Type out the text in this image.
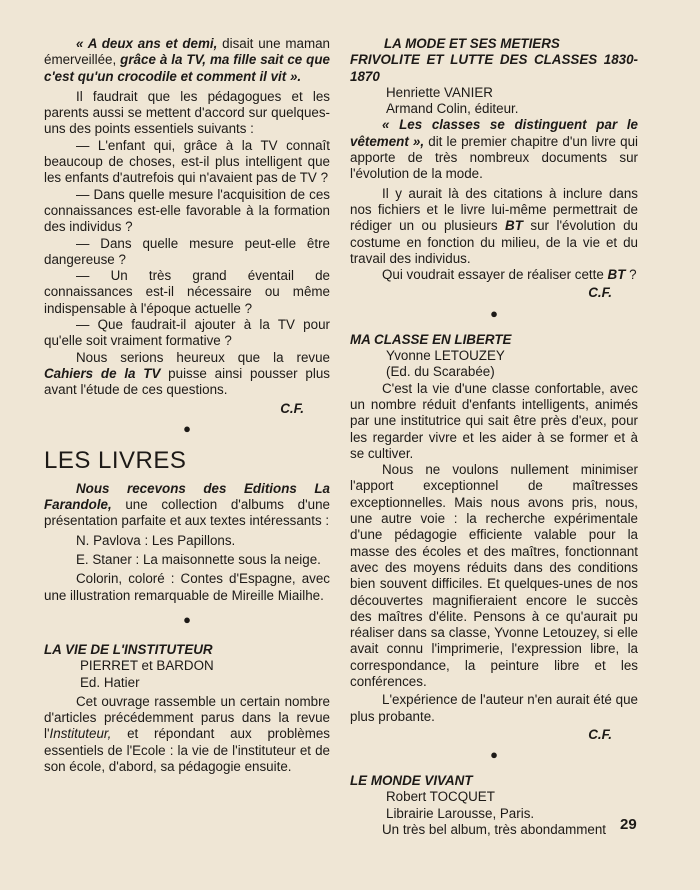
« A deux ans et demi, disait une maman émerveillée, grâce à la TV, ma fille sait ce que c'est qu'un crocodile et comment il vit ».

Il faudrait que les pédagogues et les parents aussi se mettent d'accord sur quelques-uns des points essentiels suivants :

— L'enfant qui, grâce à la TV connaît beaucoup de choses, est-il plus intelligent que les enfants d'autrefois qui n'avaient pas de TV ?

— Dans quelle mesure l'acquisition de ces connaissances est-elle favorable à la formation des individus ?

— Dans quelle mesure peut-elle être dangereuse ?

— Un très grand éventail de connaissances est-il nécessaire ou même indispensable à l'époque actuelle ?

— Que faudrait-il ajouter à la TV pour qu'elle soit vraiment formative ?

Nous serions heureux que la revue Cahiers de la TV puisse ainsi pousser plus avant l'étude de ces questions.

C.F.

●

LES LIVRES

Nous recevons des Editions La Farandole, une collection d'albums d'une présentation parfaite et aux textes intéressants :

N. Pavlova : Les Papillons.

E. Staner : La maisonnette sous la neige.

Colorin, coloré : Contes d'Espagne, avec une illustration remarquable de Mireille Miailhe.

●

LA VIE DE L'INSTITUTEUR

PIERRET et BARDON

Ed. Hatier

Cet ouvrage rassemble un certain nombre d'articles précédemment parus dans la revue l'Instituteur, et répondant aux problèmes essentiels de l'Ecole : la vie de l'instituteur et de son école, d'abord, sa pédagogie ensuite.

LA MODE ET SES METIERS

FRIVOLITE ET LUTTE DES CLASSES 1830-1870

Henriette VANIER

Armand Colin, éditeur.

« Les classes se distinguent par le vêtement », dit le premier chapitre d'un livre qui apporte de très nombreux documents sur l'évolution de la mode.

Il y aurait là des citations à inclure dans nos fichiers et le livre lui-même permettrait de rédiger un ou plusieurs BT sur l'évolution du costume en fonction du milieu, de la vie et du travail des individus.

Qui voudrait essayer de réaliser cette BT ?

C.F.

●

MA CLASSE EN LIBERTE

Yvonne LETOUZEY

(Ed. du Scarabée)

C'est la vie d'une classe confortable, avec un nombre réduit d'enfants intelligents, animés par une institutrice qui sait être près d'eux, pour les regarder vivre et les aider à se former et à se cultiver.

Nous ne voulons nullement minimiser l'apport exceptionnel de maîtresses exceptionnelles. Mais nous avons pris, nous, une autre voie : la recherche expérimentale d'une pédagogie efficiente valable pour la masse des écoles et des maîtres, fonctionnant avec des moyens réduits dans des conditions bien souvent difficiles. Et quelques-unes de nos découvertes magnifieraient encore le succès des maîtres d'élite. Pensons à ce qu'aurait pu réaliser dans sa classe, Yvonne Letouzey, si elle avait connu l'imprimerie, l'expression libre, la correspondance, la peinture libre et les conférences.

L'expérience de l'auteur n'en aurait été que plus probante.

C.F.

●

LE MONDE VIVANT

Robert TOCQUET

Librairie Larousse, Paris.

Un très bel album, très abondamment 29
